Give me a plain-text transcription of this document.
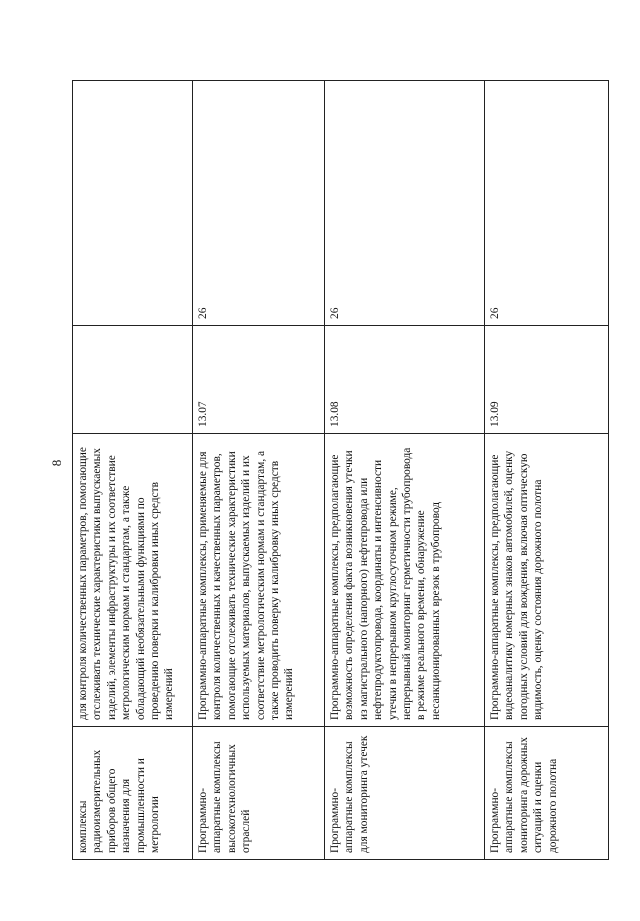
8
комплексы радиоизмерительных приборов общего назначения для промышленности и метрологии	для контроля количественных параметров, помогающие отслеживать технические характеристики выпускаемых изделий, элементы инфраструктуры и их соответствие метрологическим нормам и стандартам, а также обладающий необязательными функциями по проведению поверки и калибровки иных средств измерений		

Программно-аппаратные комплексы высокотехнологичных отраслей	Программно-аппаратные комплексы, применяемые для контроля количественных и качественных параметров, помогающие отслеживать технические характеристики используемых материалов, выпускаемых изделий и их соответствие метрологическим нормам и стандартам, а также проводить поверку и калибровку иных средств измерений	13.07	26

Программно-аппаратные комплексы для мониторинга утечек	Программно-аппаратные комплексы, предполагающие возможность определения факта возникновения утечки из магистрального (напорного) нефтепровода или нефтепродуктопровода, координаты и интенсивности утечки в непрерывном круглосуточном режиме, непрерывный мониторинг герметичности трубопровода в режиме реального времени, обнаружение несанкционированных врезок в трубопровод	13.08	26

Программно-аппаратные комплексы мониторинга дорожных ситуаций и оценки дорожного полотна	Программно-аппаратные комплексы, предполагающие видеоаналитику номерных знаков автомобилей, оценку погодных условий для вождения, включая оптическую видимость, оценку состояния дорожного полотна	13.09	26
